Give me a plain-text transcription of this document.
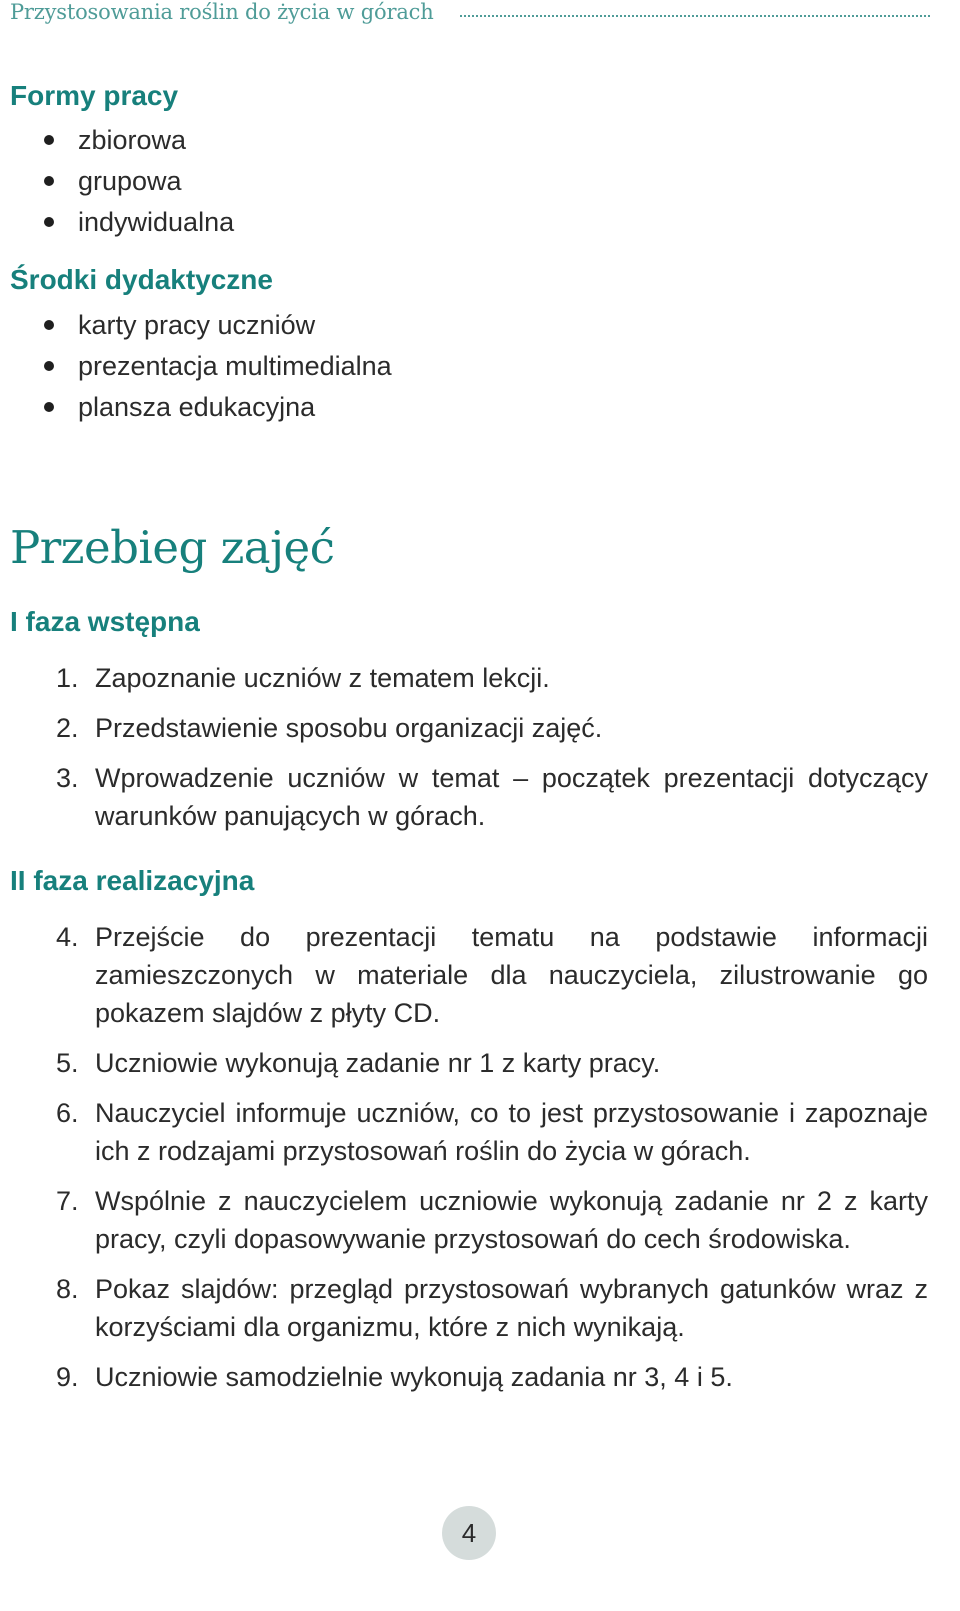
Przystosowania roślin do życia w górach
Formy pracy
zbiorowa
grupowa
indywidualna
Środki dydaktyczne
karty pracy uczniów
prezentacja multimedialna
plansza edukacyjna
Przebieg zajęć
I faza wstępna
1. Zapoznanie uczniów z tematem lekcji.
2. Przedstawienie sposobu organizacji zajęć.
3. Wprowadzenie uczniów w temat – początek prezentacji dotyczący warunków panujących w górach.
II faza realizacyjna
4. Przejście do prezentacji tematu na podstawie informacji zamieszczonych w materiale dla nauczyciela, zilustrowanie go pokazem slajdów z płyty CD.
5. Uczniowie wykonują zadanie nr 1 z karty pracy.
6. Nauczyciel informuje uczniów, co to jest przystosowanie i zapoznaje ich z rodzajami przystosowań roślin do życia w górach.
7. Wspólnie z nauczycielem uczniowie wykonują zadanie nr 2 z karty pracy, czyli dopasowywanie przystosowań do cech środowiska.
8. Pokaz slajdów: przegląd przystosowań wybranych gatunków wraz z korzyściami dla organizmu, które z nich wynikają.
9. Uczniowie samodzielnie wykonują zadania nr 3, 4 i 5.
4
